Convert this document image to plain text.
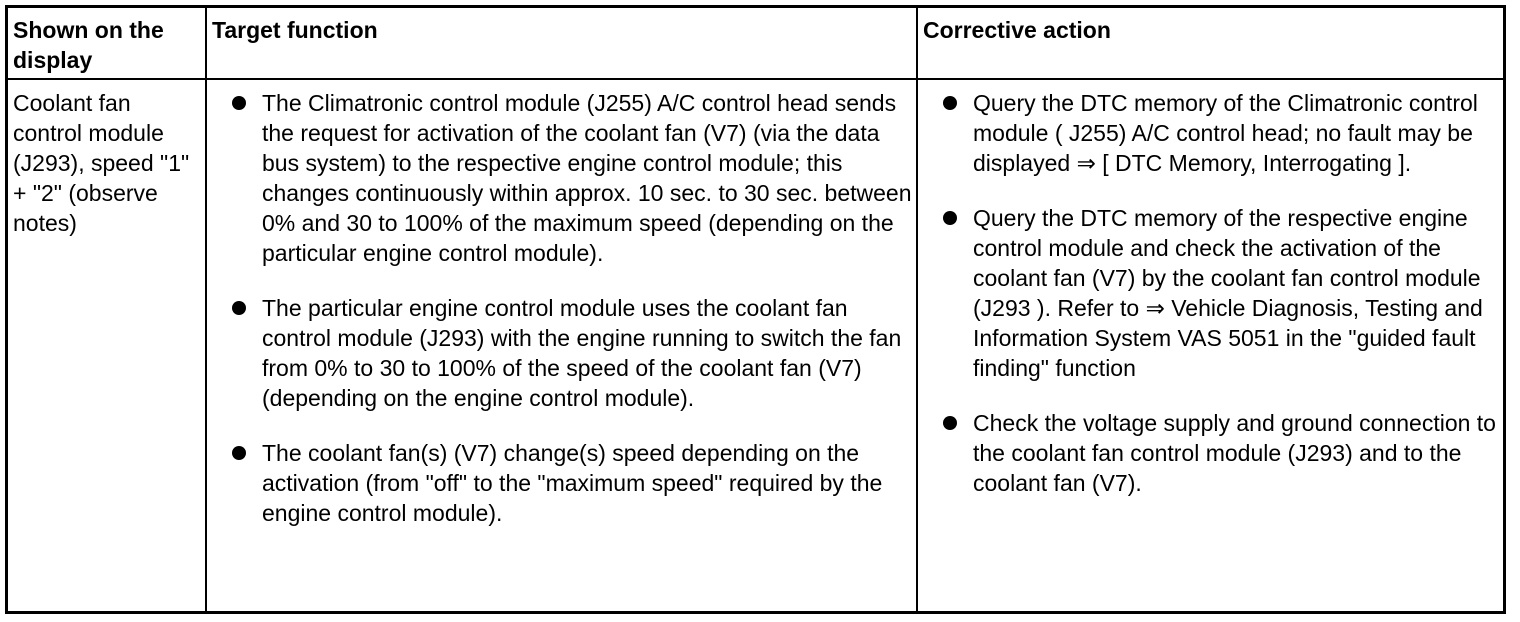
Shown on the display
Target function	Corrective action
Coolant fan control module (J293), speed "1" + "2" (observe notes)
The Climatronic control module (J255) A/C control head sends the request for activation of the coolant fan (V7) (via the data bus system) to the respective engine control module; this changes continuously within approx. 10 sec. to 30 sec. between 0% and 30 to 100% of the maximum speed (depending on the particular engine control module).
The particular engine control module uses the coolant fan control module (J293) with the engine running to switch the fan from 0% to 30 to 100% of the speed of the coolant fan (V7) (depending on the engine control module).
The coolant fan(s) (V7) change(s) speed depending on the activation (from "off" to the "maximum speed" required by the engine control module).
Query the DTC memory of the Climatronic control module ( J255) A/C control head; no fault may be displayed ⇒ [ DTC Memory, Interrogating ].
Query the DTC memory of the respective engine control module and check the activation of the coolant fan (V7) by the coolant fan control module (J293 ). Refer to ⇒ Vehicle Diagnosis, Testing and Information System VAS 5051 in the "guided fault finding" function
Check the voltage supply and ground connection to the coolant fan control module (J293) and to the coolant fan (V7).
